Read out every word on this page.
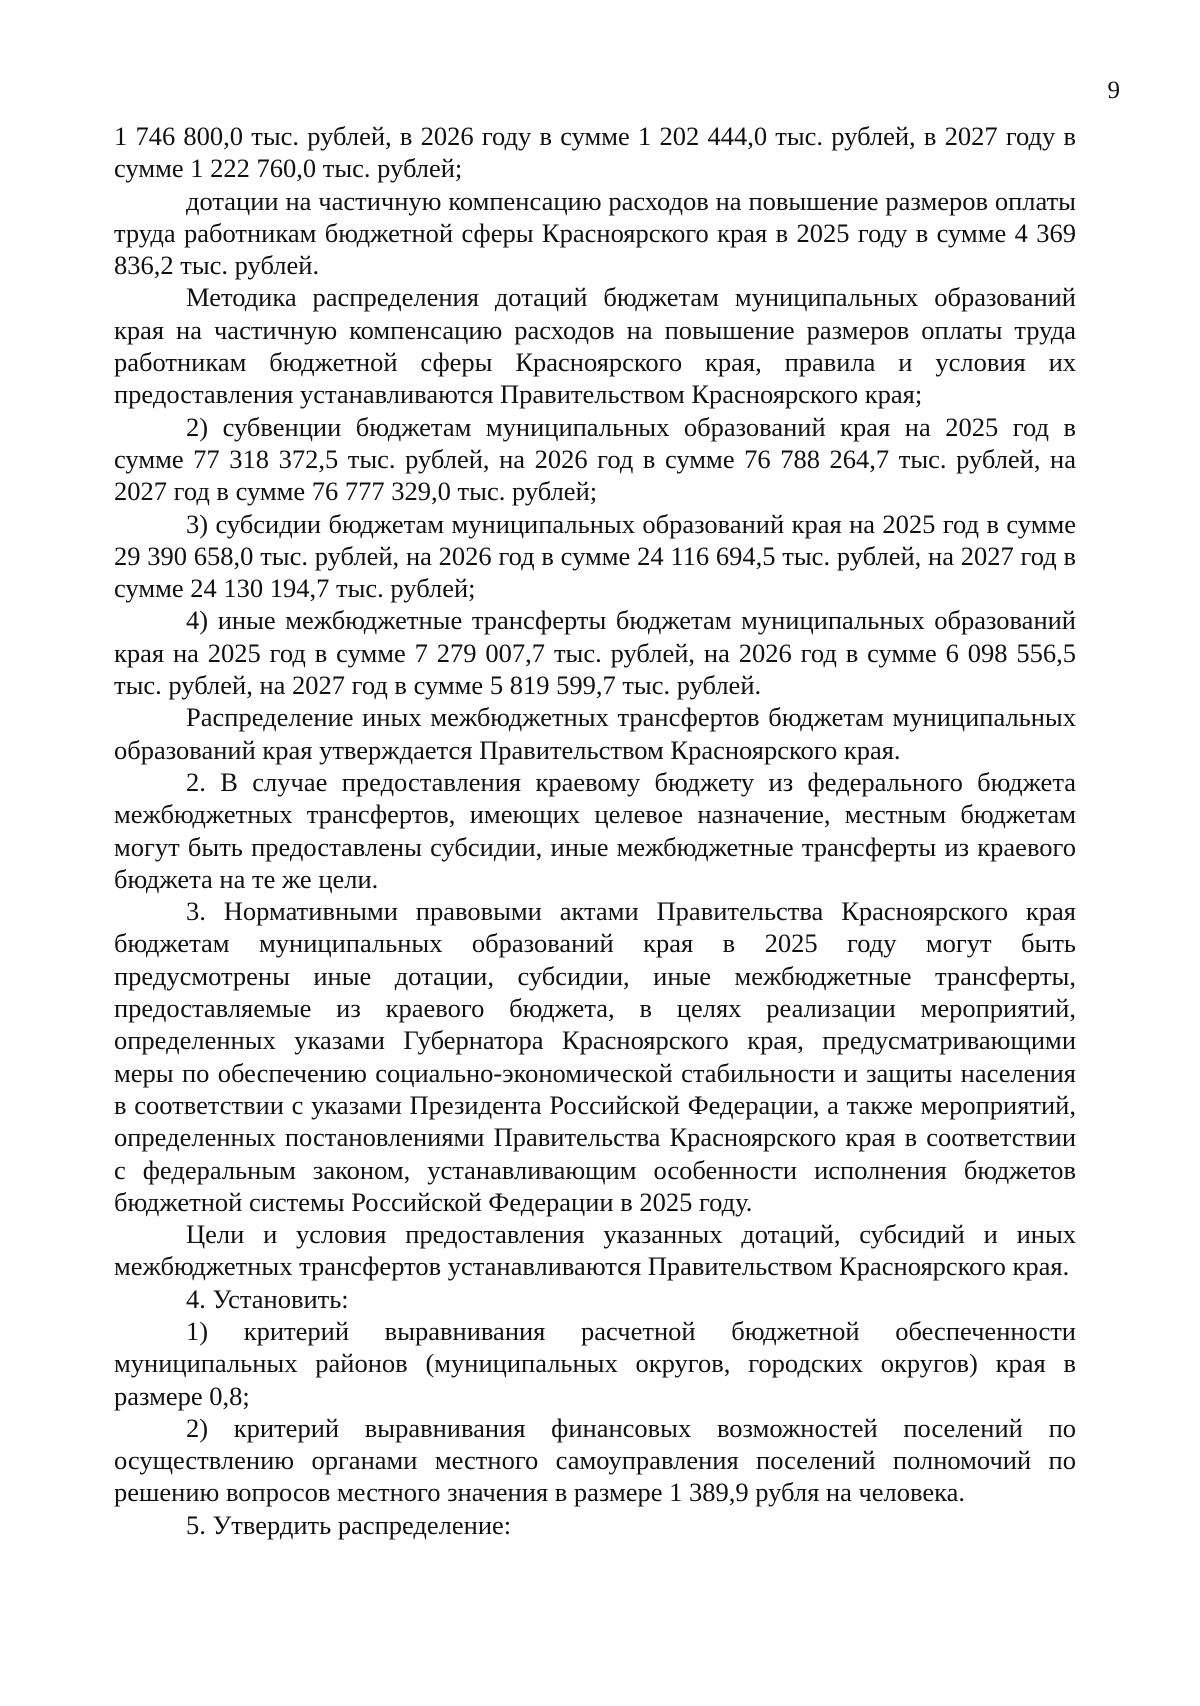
9

1 746 800,0 тыс. рублей, в 2026 году в сумме 1 202 444,0 тыс. рублей, в 2027 году в сумме 1 222 760,0 тыс. рублей;

дотации на частичную компенсацию расходов на повышение размеров оплаты труда работникам бюджетной сферы Красноярского края в 2025 году в сумме 4 369 836,2 тыс. рублей.

Методика распределения дотаций бюджетам муниципальных образований края на частичную компенсацию расходов на повышение размеров оплаты труда работникам бюджетной сферы Красноярского края, правила и условия их предоставления устанавливаются Правительством Красноярского края;

2) субвенции бюджетам муниципальных образований края на 2025 год в сумме 77 318 372,5 тыс. рублей, на 2026 год в сумме 76 788 264,7 тыс. рублей, на 2027 год в сумме 76 777 329,0 тыс. рублей;

3) субсидии бюджетам муниципальных образований края на 2025 год в сумме 29 390 658,0 тыс. рублей, на 2026 год в сумме 24 116 694,5 тыс. рублей, на 2027 год в сумме 24 130 194,7 тыс. рублей;

4) иные межбюджетные трансферты бюджетам муниципальных образований края на 2025 год в сумме 7 279 007,7 тыс. рублей, на 2026 год в сумме 6 098 556,5 тыс. рублей, на 2027 год в сумме 5 819 599,7 тыс. рублей.

Распределение иных межбюджетных трансфертов бюджетам муниципальных образований края утверждается Правительством Красноярского края.

2. В случае предоставления краевому бюджету из федерального бюджета межбюджетных трансфертов, имеющих целевое назначение, местным бюджетам могут быть предоставлены субсидии, иные межбюджетные трансферты из краевого бюджета на те же цели.

3. Нормативными правовыми актами Правительства Красноярского края бюджетам муниципальных образований края в 2025 году могут быть предусмотрены иные дотации, субсидии, иные межбюджетные трансферты, предоставляемые из краевого бюджета, в целях реализации мероприятий, определенных указами Губернатора Красноярского края, предусматривающими меры по обеспечению социально-экономической стабильности и защиты населения в соответствии с указами Президента Российской Федерации, а также мероприятий, определенных постановлениями Правительства Красноярского края в соответствии с федеральным законом, устанавливающим особенности исполнения бюджетов бюджетной системы Российской Федерации в 2025 году.

Цели и условия предоставления указанных дотаций, субсидий и иных межбюджетных трансфертов устанавливаются Правительством Красноярского края.

4. Установить:

1) критерий выравнивания расчетной бюджетной обеспеченности муниципальных районов (муниципальных округов, городских округов) края в размере 0,8;

2) критерий выравнивания финансовых возможностей поселений по осуществлению органами местного самоуправления поселений полномочий по решению вопросов местного значения в размере 1 389,9 рубля на человека.

5. Утвердить распределение:
